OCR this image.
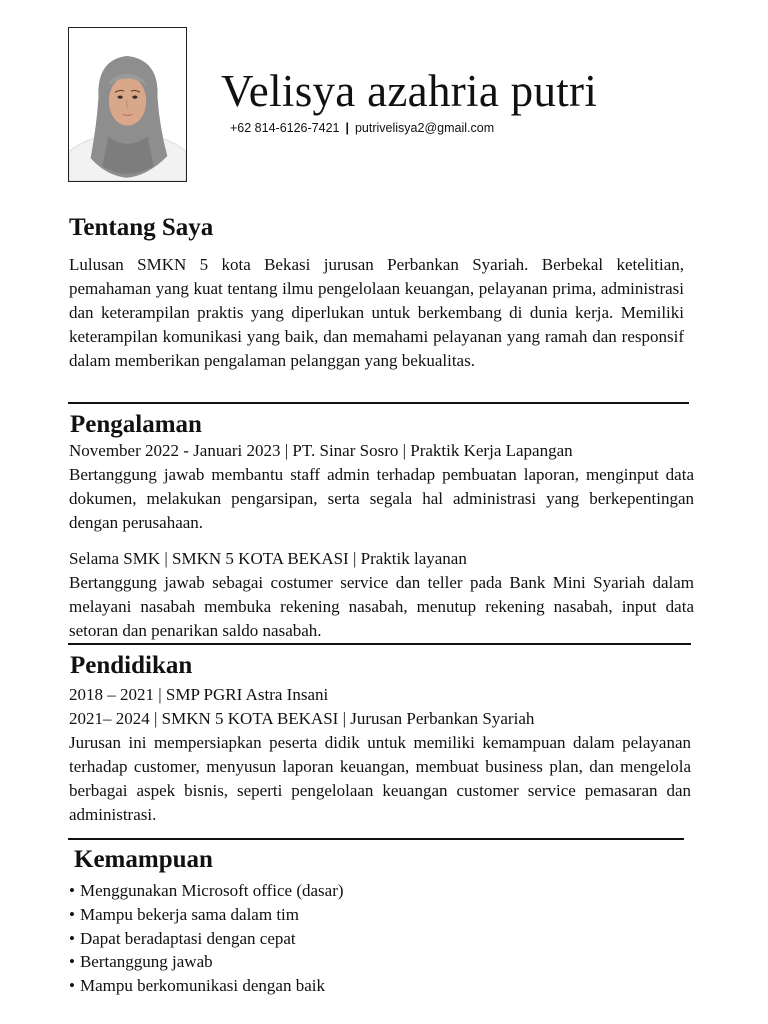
Velisya azahria putri
+62 814-6126-7421 | putrivelisya2@gmail.com
Tentang Saya

Lulusan SMKN 5 kota Bekasi jurusan Perbankan Syariah. Berbekal ketelitian, pemahaman yang kuat tentang ilmu pengelolaan keuangan, pelayanan prima, administrasi dan keterampilan praktis yang diperlukan untuk berkembang di dunia kerja. Memiliki keterampilan komunikasi yang baik, dan memahami pelayanan yang ramah dan responsif dalam memberikan pengalaman pelanggan yang bekualitas.

Pengalaman
November 2022 - Januari 2023 | PT. Sinar Sosro | Praktik Kerja Lapangan

Bertanggung jawab membantu staff admin terhadap pembuatan laporan, menginput data dokumen, melakukan pengarsipan, serta segala hal administrasi yang berkepentingan dengan perusahaan.

Selama SMK | SMKN 5 KOTA BEKASI | Praktik layanan

Bertanggung jawab sebagai costumer service dan teller pada Bank Mini Syariah dalam melayani nasabah membuka rekening nasabah, menutup rekening nasabah, input data setoran dan penarikan saldo nasabah.

Pendidikan
2018 – 2021 | SMP PGRI Astra Insani
2021– 2024 | SMKN 5 KOTA BEKASI | Jurusan Perbankan Syariah

Jurusan ini mempersiapkan peserta didik untuk memiliki kemampuan dalam pelayanan terhadap customer, menyusun laporan keuangan, membuat business plan, dan mengelola berbagai aspek bisnis, seperti pengelolaan keuangan customer service pemasaran dan administrasi.

Kemampuan
• Menggunakan Microsoft office (dasar)
• Mampu bekerja sama dalam tim
• Dapat beradaptasi dengan cepat
• Bertanggung jawab
• Mampu berkomunikasi dengan baik
